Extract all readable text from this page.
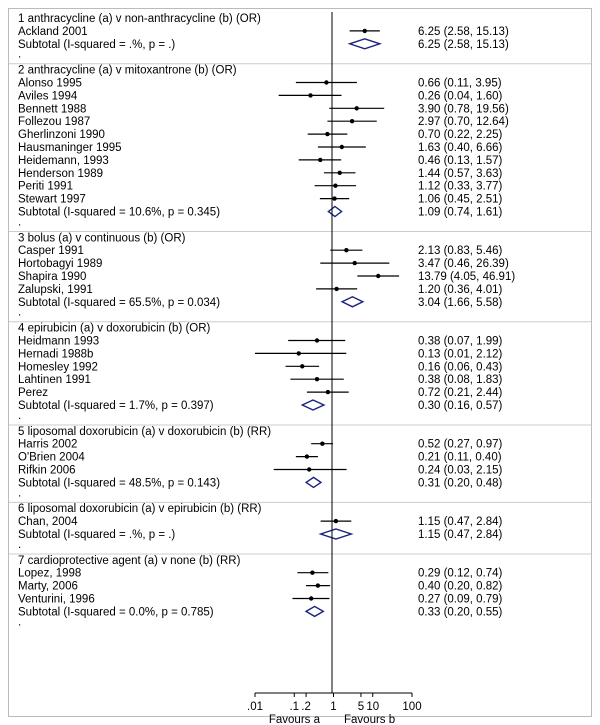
1 anthracycline (a) v non-anthracycline (b) (OR)
Ackland 2001	6.25 (2.58, 15.13)
Subtotal (I-squared = .%, p = .)	6.25 (2.58, 15.13)
.
2 anthracycline (a) v mitoxantrone (b) (OR)
Alonso 1995	0.66 (0.11, 3.95)
Aviles 1994	0.26 (0.04, 1.60)
Bennett 1988	3.90 (0.78, 19.56)
Follezou 1987	2.97 (0.70, 12.64)
Gherlinzoni 1990	0.70 (0.22, 2.25)
Hausmaninger 1995	1.63 (0.40, 6.66)
Heidemann, 1993	0.46 (0.13, 1.57)
Henderson 1989	1.44 (0.57, 3.63)
Periti 1991	1.12 (0.33, 3.77)
Stewart 1997	1.06 (0.45, 2.51)
Subtotal (I-squared = 10.6%, p = 0.345)	1.09 (0.74, 1.61)
.
3 bolus (a) v continuous (b) (OR)
Casper 1991	2.13 (0.83, 5.46)
Hortobagyi 1989	3.47 (0.46, 26.39)
Shapira 1990	13.79 (4.05, 46.91)
Zalupski, 1991	1.20 (0.36, 4.01)
Subtotal (I-squared = 65.5%, p = 0.034)	3.04 (1.66, 5.58)
.
4 epirubicin (a) v doxorubicin (b) (OR)
Heidmann 1993	0.38 (0.07, 1.99)
Hernadi 1988b	0.13 (0.01, 2.12)
Homesley 1992	0.16 (0.06, 0.43)
Lahtinen 1991	0.38 (0.08, 1.83)
Perez	0.72 (0.21, 2.44)
Subtotal (I-squared = 1.7%, p = 0.397)	0.30 (0.16, 0.57)
.
5 liposomal doxorubicin (a) v doxorubicin (b) (RR)
Harris 2002	0.52 (0.27, 0.97)
O'Brien 2004	0.21 (0.11, 0.40)
Rifkin 2006	0.24 (0.03, 2.15)
Subtotal (I-squared = 48.5%, p = 0.143)	0.31 (0.20, 0.48)
.
6 liposomal doxorubicin (a) v epirubicin (b) (RR)
Chan, 2004	1.15 (0.47, 2.84)
Subtotal (I-squared = .%, p = .)	1.15 (0.47, 2.84)
.
7 cardioprotective agent (a) v none (b) (RR)
Lopez, 1998	0.29 (0.12, 0.74)
Marty, 2006	0.40 (0.20, 0.82)
Venturini, 1996	0.27 (0.09, 0.79)
Subtotal (I-squared = 0.0%, p = 0.785)	0.33 (0.20, 0.55)
.
.01 .1 .2 1 5 10 100
Favours a Favours b
